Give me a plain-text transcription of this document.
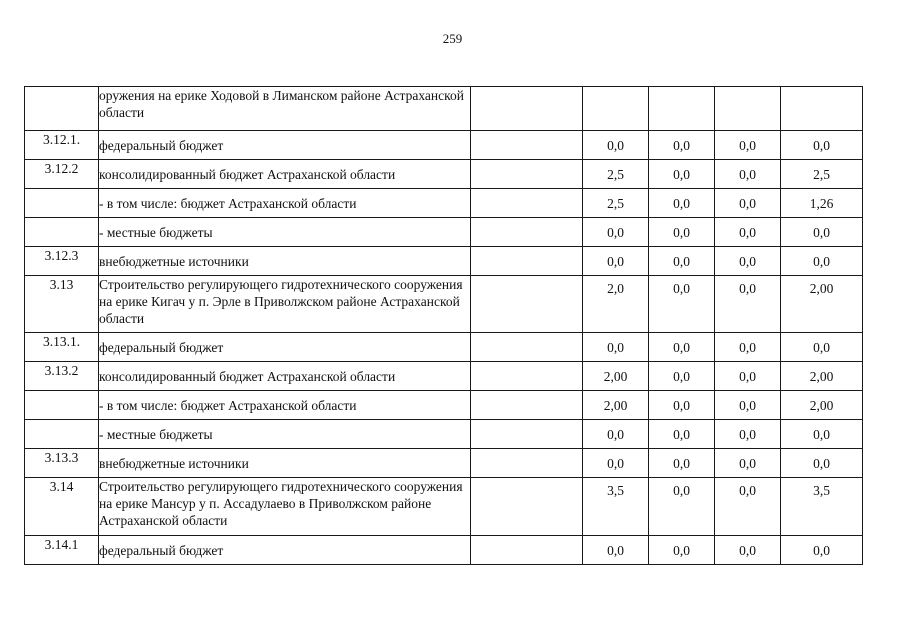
259
	оружения на ерике Ходовой в Лиманском районе Астраханской области					
3.12.1.	федеральный бюджет		0,0	0,0	0,0	0,0
3.12.2	консолидированный бюджет Астраханской области		2,5	0,0	0,0	2,5
	- в том числе: бюджет Астраханской области		2,5	0,0	0,0	1,26
	- местные бюджеты		0,0	0,0	0,0	0,0
3.12.3	внебюджетные источники		0,0	0,0	0,0	0,0
3.13	Строительство регулирующего гидротехнического сооружения на ерике Кигач у п. Эрле в Приволжском районе Астраханской области		2,0	0,0	0,0	2,00
3.13.1.	федеральный бюджет		0,0	0,0	0,0	0,0
3.13.2	консолидированный бюджет Астраханской области		2,00	0,0	0,0	2,00
	- в том числе: бюджет Астраханской области		2,00	0,0	0,0	2,00
	- местные бюджеты		0,0	0,0	0,0	0,0
3.13.3	внебюджетные источники		0,0	0,0	0,0	0,0
3.14	Строительство регулирующего гидротехнического сооружения на ерике Мансур у п. Ассадулаево в Приволжском районе Астраханской области		3,5	0,0	0,0	3,5
3.14.1	федеральный бюджет		0,0	0,0	0,0	0,0
